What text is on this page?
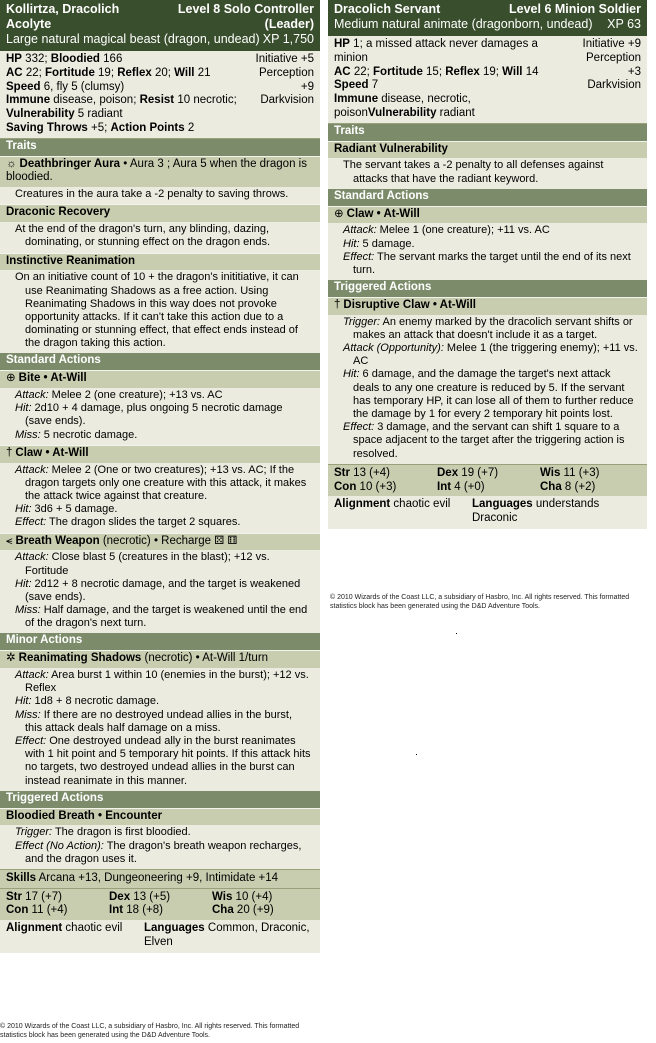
Kollirtza, Dracolich Acolyte
Level 8 Solo Controller (Leader)
Large natural magical beast (dragon, undead) XP 1,750
HP 332; Bloodied 166
AC 22; Fortitude 19; Reflex 20; Will 21
Speed 6, fly 5 (clumsy)
Immune disease, poison; Resist 10 necrotic; Vulnerability 5 radiant
Saving Throws +5; Action Points 2
Initiative +5
Perception +9
Darkvision
Traits
☼ Deathbringer Aura • Aura 3 ; Aura 5 when the dragon is bloodied.
Creatures in the aura take a -2 penalty to saving throws.
Draconic Recovery
At the end of the dragon's turn, any blinding, dazing, dominating, or stunning effect on the dragon ends.
Instinctive Reanimation
On an initiative count of 10 + the dragon's inititiative, it can use Reanimating Shadows as a free action. Using Reanimating Shadows in this way does not provoke opportunity attacks. If it can't take this action due to a dominating or stunning effect, that effect ends instead of the dragon taking this action.
Standard Actions
⊕ Bite • At-Will
Attack: Melee 2 (one creature); +13 vs. AC
Hit: 2d10 + 4 damage, plus ongoing 5 necrotic damage (save ends).
Miss: 5 necrotic damage.
† Claw • At-Will
Attack: Melee 2 (One or two creatures); +13 vs. AC; If the dragon targets only one creature with this attack, it makes the attack twice against that creature.
Hit: 3d6 + 5 damage.
Effect: The dragon slides the target 2 squares.
⪪ Breath Weapon (necrotic) • Recharge ⚄ ⚅
Attack: Close blast 5 (creatures in the blast); +12 vs. Fortitude
Hit: 2d12 + 8 necrotic damage, and the target is weakened (save ends).
Miss: Half damage, and the target is weakened until the end of the dragon's next turn.
Minor Actions
✲ Reanimating Shadows (necrotic) • At-Will 1/turn
Attack: Area burst 1 within 10 (enemies in the burst); +12 vs. Reflex
Hit: 1d8 + 8 necrotic damage.
Miss: If there are no destroyed undead allies in the burst, this attack deals half damage on a miss.
Effect: One destroyed undead ally in the burst reanimates with 1 hit point and 5 temporary hit points. If this attack hits no targets, two destroyed undead allies in the burst can instead reanimate in this manner.
Triggered Actions
Bloodied Breath • Encounter
Trigger: The dragon is first bloodied.
Effect (No Action): The dragon's breath weapon recharges, and the dragon uses it.
Skills Arcana +13, Dungeoneering +9, Intimidate +14
Str 17 (+7)	Dex 13 (+5)	Wis 10 (+4)
Con 11 (+4)	Int 18 (+8)	Cha 20 (+9)
Alignment chaotic evil	Languages Common, Draconic, Elven
Dracolich Servant	Level 6 Minion Soldier
Medium natural animate (dragonborn, undead) XP 63
HP 1; a missed attack never damages a minion
AC 22; Fortitude 15; Reflex 19; Will 14
Speed 7
Immune disease, necrotic, poisonVulnerability radiant
Initiative +9
Perception +3
Darkvision
Traits
Radiant Vulnerability
The servant takes a -2 penalty to all defenses against attacks that have the radiant keyword.
Standard Actions
⊕ Claw • At-Will
Attack: Melee 1 (one creature); +11 vs. AC
Hit: 5 damage.
Effect: The servant marks the target until the end of its next turn.
Triggered Actions
† Disruptive Claw • At-Will
Trigger: An enemy marked by the dracolich servant shifts or makes an attack that doesn't include it as a target.
Attack (Opportunity): Melee 1 (the triggering enemy); +11 vs. AC
Hit: 6 damage, and the damage the target's next attack deals to any one creature is reduced by 5. If the servant has temporary HP, it can lose all of them to further reduce the damage by 1 for every 2 temporary hit points lost.
Effect: 3 damage, and the servant can shift 1 square to a space adjacent to the target after the triggering action is resolved.
Str 13 (+4)	Dex 19 (+7)	Wis 11 (+3)
Con 10 (+3)	Int 4 (+0)	Cha 8 (+2)
Alignment chaotic evil	Languages understands Draconic
© 2010 Wizards of the Coast LLC, a subsidiary of Hasbro, Inc. All rights reserved. This formatted statistics block has been generated using the D&D Adventure Tools.
© 2010 Wizards of the Coast LLC, a subsidiary of Hasbro, Inc. All rights reserved. This formatted statistics block has been generated using the D&D Adventure Tools.
